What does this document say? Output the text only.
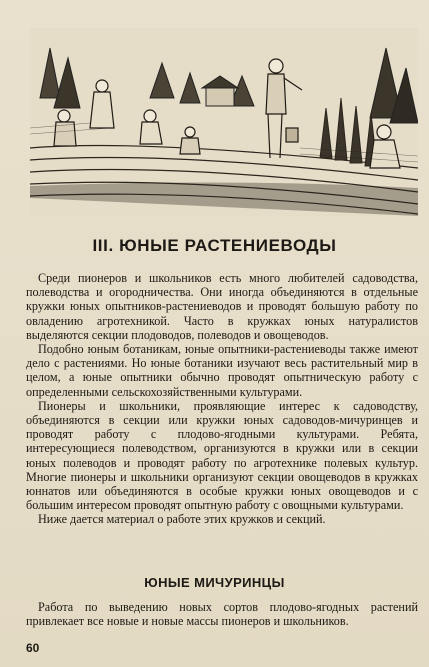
III. ЮНЫЕ РАСТЕНИЕВОДЫ

Среди пионеров и школьников есть много любителей садоводства, полеводства и огородничества. Они иногда объединяются в отдельные кружки юных опытников-растениеводов и проводят большую работу по овладению агротехникой. Часто в кружках юных натуралистов выделяются секции плодоводов, полеводов и овощеводов.

Подобно юным ботаникам, юные опытники-растениеводы также имеют дело с растениями. Но юные ботаники изучают весь растительный мир в целом, а юные опытники обычно проводят опытническую работу с определенными сельскохозяйственными культурами.

Пионеры и школьники, проявляющие интерес к садоводству, объединяются в секции или кружки юных садоводов-мичуринцев и проводят работу с плодово-ягодными культурами. Ребята, интересующиеся полеводством, организуются в кружки или в секции юных полеводов и проводят работу по агротехнике полевых культур. Многие пионеры и школьники организуют секции овощеводов в кружках юннатов или объединяются в особые кружки юных овощеводов и с большим интересом проводят опытную работу с овощными культурами.

Ниже дается материал о работе этих кружков и секций.

ЮНЫЕ МИЧУРИНЦЫ

Работа по выведению новых сортов плодово-ягодных растений привлекает все новые и новые массы пионеров и школьников.

60
